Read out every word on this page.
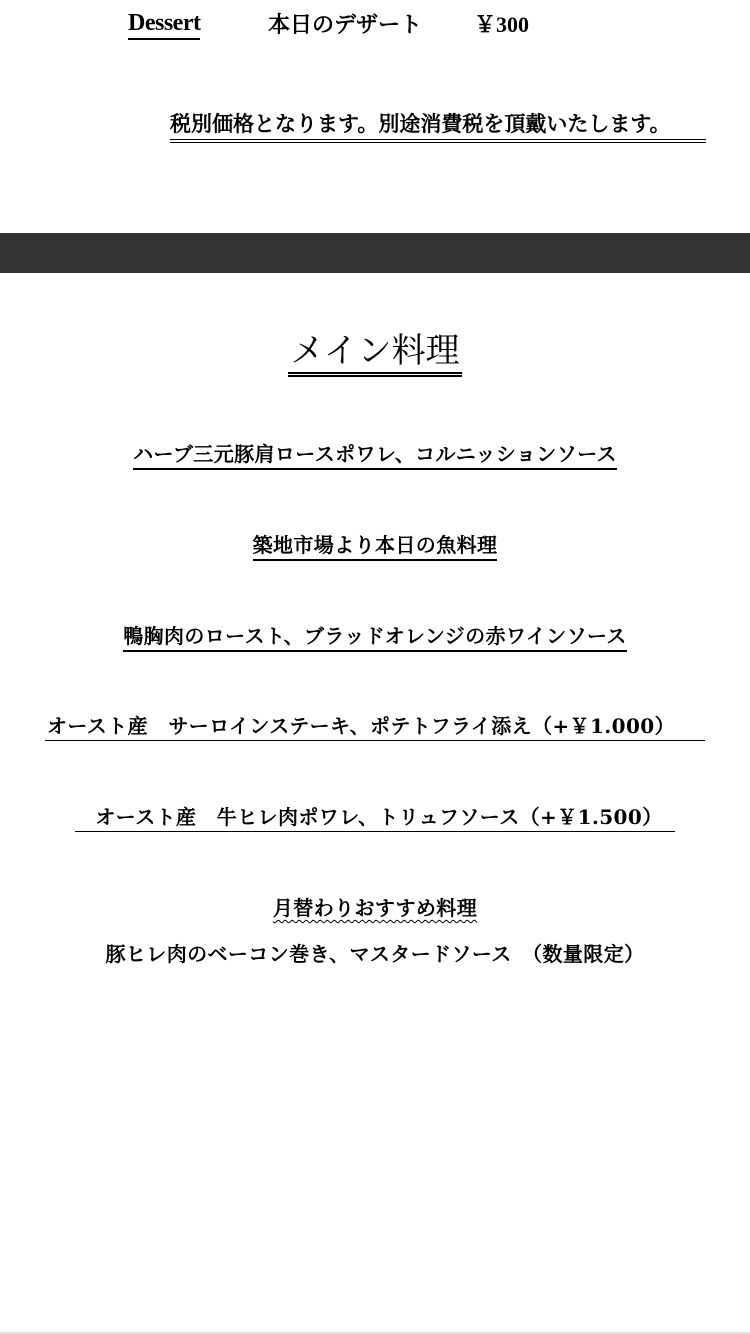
Dessert	本日のデザート ￥300
税別価格となります。別途消費税を頂戴いたします。
メイン料理
ハーブ三元豚肩ロースポワレ、コルニッションソース
築地市場より本日の魚料理
鴨胸肉のロースト、ブラッドオレンジの赤ワインソース
オースト産　サーロインステーキ、ポテトフライ添え（+￥1.000）
オースト産　牛ヒレ肉ポワレ、トリュフソース（+￥1.500）
月替わりおすすめ料理
豚ヒレ肉のベーコン巻き、マスタードソース　（数量限定）
